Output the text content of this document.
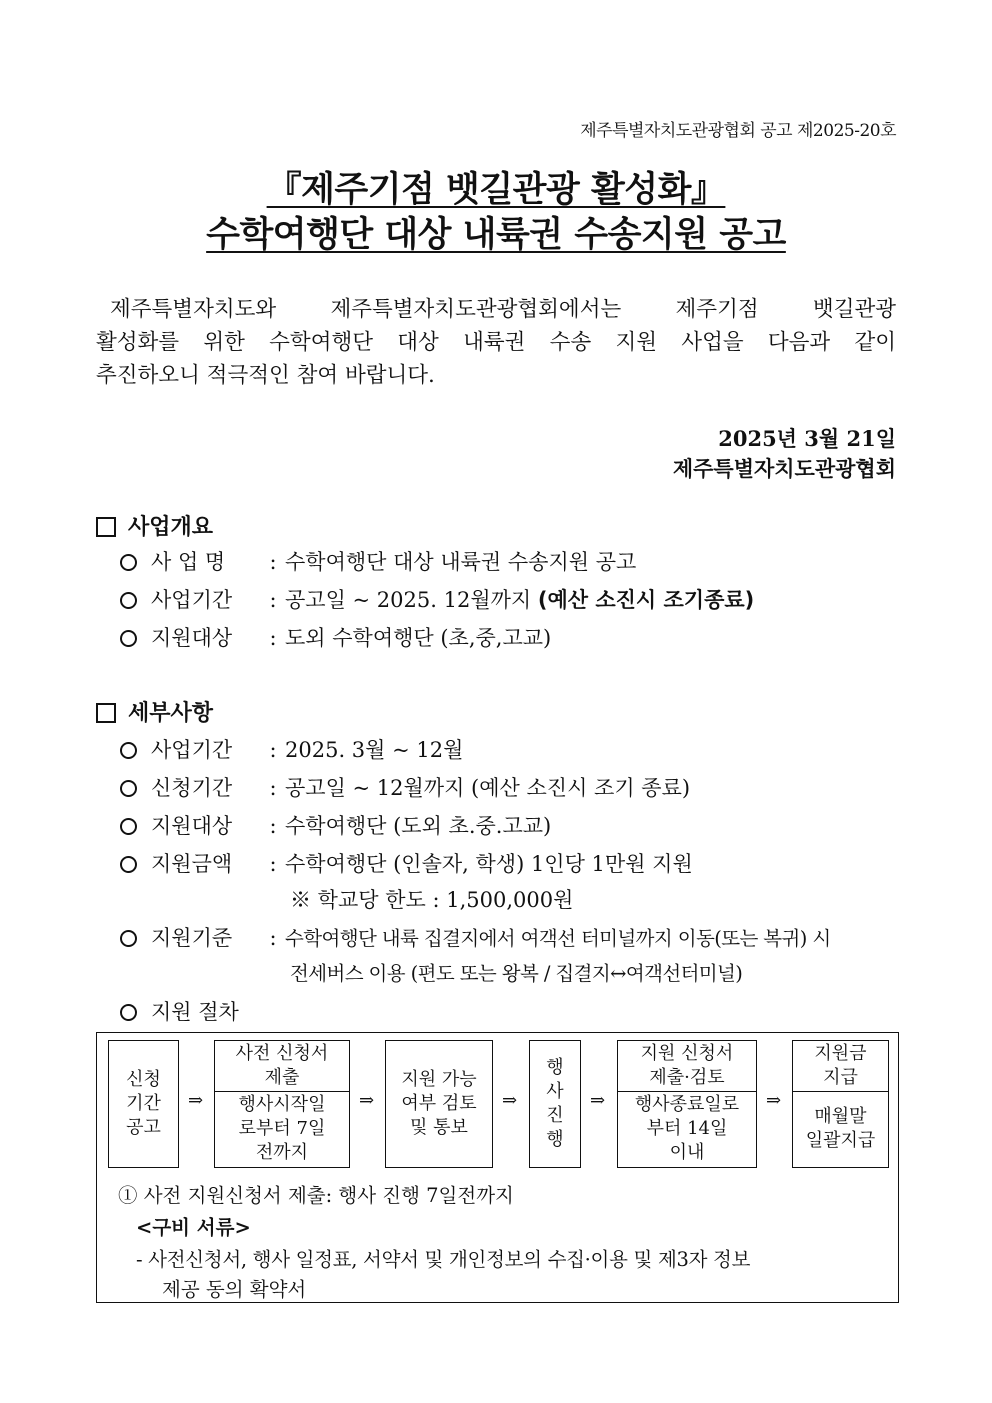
제주특별자치도관광협회 공고 제2025-20호
『제주기점 뱃길관광 활성화』
수학여행단 대상 내륙권 수송지원 공고
제주특별자치도와 제주특별자치도관광협회에서는 제주기점 뱃길관광
활성화를 위한 수학여행단 대상 내륙권 수송 지원 사업을 다음과 같이
추진하오니 적극적인 참여 바랍니다.
2025년 3월 21일
제주특별자치도관광협회
사업개요
사 업 명 : 수학여행단 대상 내륙권 수송지원 공고
사업기간 : 공고일 ~ 2025. 12월까지 (예산 소진시 조기종료)
지원대상 : 도외 수학여행단 (초,중,고교)
세부사항
사업기간 : 2025. 3월 ~ 12월
신청기간 : 공고일 ~ 12월까지 (예산 소진시 조기 종료)
지원대상 : 수학여행단 (도외 초.중.고교)
지원금액 : 수학여행단 (인솔자, 학생) 1인당 1만원 지원
※ 학교당 한도 : 1,500,000원
지원기준 : 수학여행단 내륙 집결지에서 여객선 터미널까지 이동(또는 복귀) 시
전세버스 이용 (편도 또는 왕복 / 집결지↔여객선터미널)
지원 절차
신청
기간
공고
⇒
사전 신청서
제출
행사시작일
로부터 7일
전까지
⇒
지원 가능
여부 검토
및 통보
⇒
행
사
진
행
⇒
지원 신청서
제출·검토
행사종료일로
부터 14일
이내
⇒
지원금
지급
매월말
일괄지급
① 사전 지원신청서 제출: 행사 진행 7일전까지
<구비 서류>
- 사전신청서, 행사 일정표, 서약서 및 개인정보의 수집·이용 및 제3자 정보
제공 동의 확약서
